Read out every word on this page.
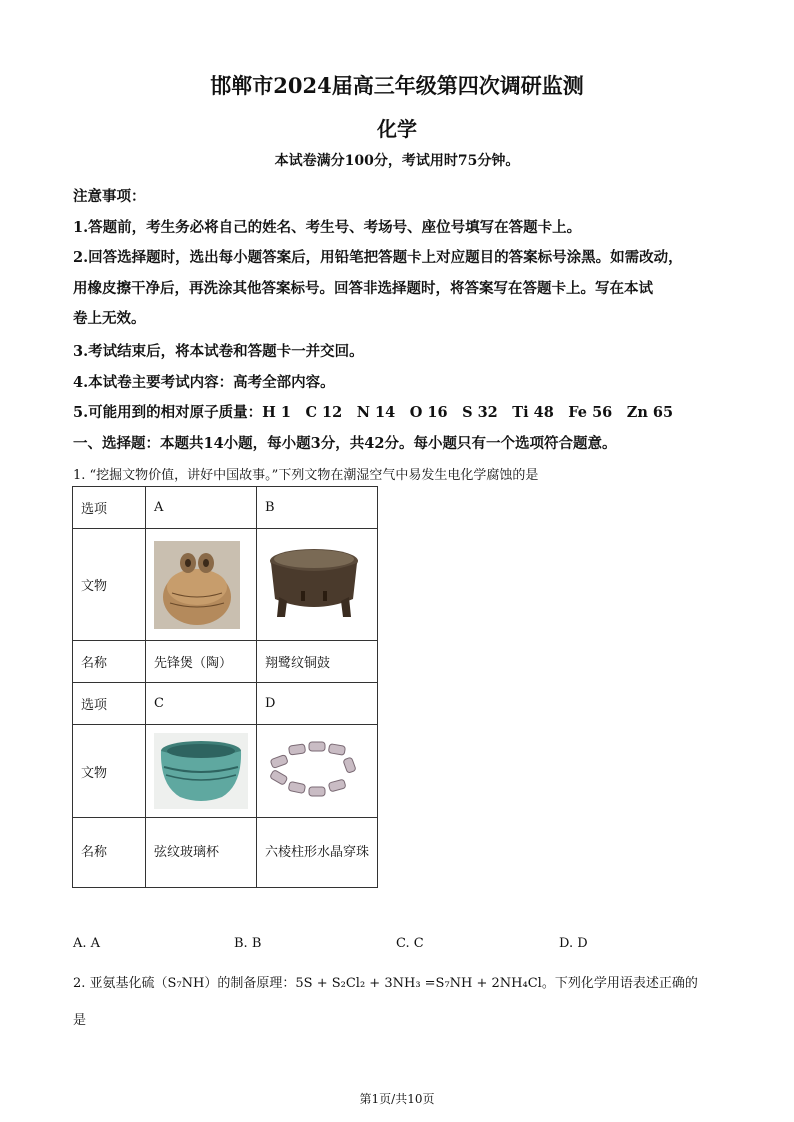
邯郸市2024届高三年级第四次调研监测
化学
本试卷满分100分，考试用时75分钟。
注意事项：
1.答题前，考生务必将自己的姓名、考生号、考场号、座位号填写在答题卡上。
2.回答选择题时，选出每小题答案后，用铅笔把答题卡上对应题目的答案标号涂黑。如需改动，
用橡皮擦干净后，再洗涂其他答案标号。回答非选择题时，将答案写在答题卡上。写在本试
卷上无效。
3.考试结束后，将本试卷和答题卡一并交回。
4.本试卷主要考试内容：高考全部内容。
5.可能用到的相对原子质量：H 1　C 12　N 14　O 16　S 32　Ti 48　Fe 56　Zn 65
一、选择题：本题共14小题，每小题3分，共42分。每小题只有一个选项符合题意。
1. “挖掘文物价值，讲好中国故事。”下列文物在潮湿空气中易发生电化学腐蚀的是
选项	A	B
文物	

名称	先锋煲（陶）	翔鹭纹铜鼓
选项	C	D
文物	

名称	弦纹玻璃杯	六棱柱形水晶穿珠
A. A	B. B	C. C	D. D
2. 亚氨基化硫（S₇NH）的制备原理：5S + S₂Cl₂ + 3NH₃ =S₇NH + 2NH₄Cl。下列化学用语表述正确的
是
第1页/共10页
